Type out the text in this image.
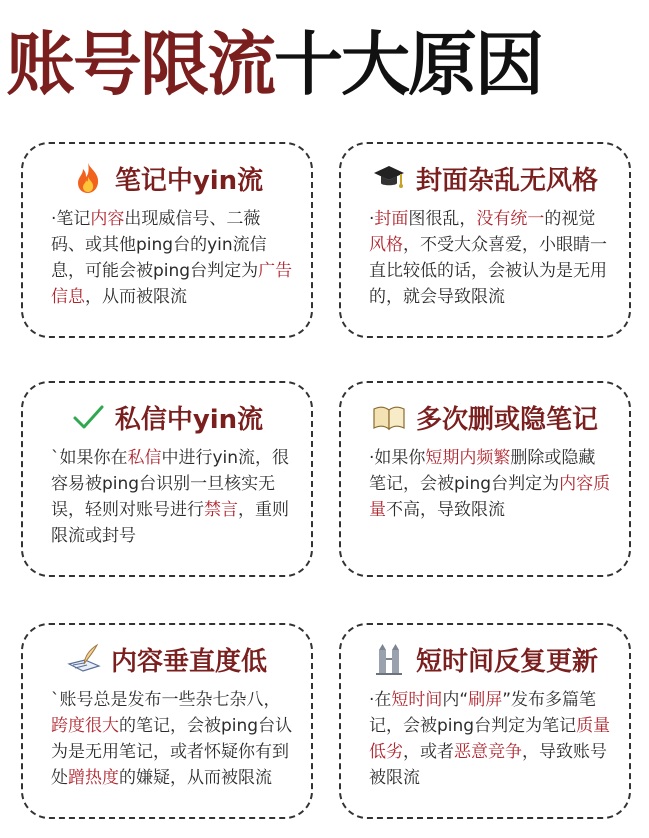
账号限流十大原因
笔记中yin流
·笔记内容出现威信号、二薇码、或其他ping台的yin流信息，可能会被ping台判定为广告信息，从而被限流
封面杂乱无风格
·封面图很乱，没有统一的视觉风格，不受大众喜爱，小眼睛一直比较低的话，会被认为是无用的，就会导致限流
私信中yin流
`如果你在私信中进行yin流，很容易被ping台识别一旦核实无误，轻则对账号进行禁言，重则限流或封号
多次删或隐笔记
·如果你短期内频繁删除或隐藏笔记，会被ping台判定为内容质量不高，导致限流
内容垂直度低
`账号总是发布一些杂七杂八，跨度很大的笔记，会被ping台认为是无用笔记，或者怀疑你有到处蹭热度的嫌疑，从而被限流
短时间反复更新
·在短时间内“刷屏”发布多篇笔记，会被ping台判定为笔记质量低劣，或者恶意竞争，导致账号被限流
